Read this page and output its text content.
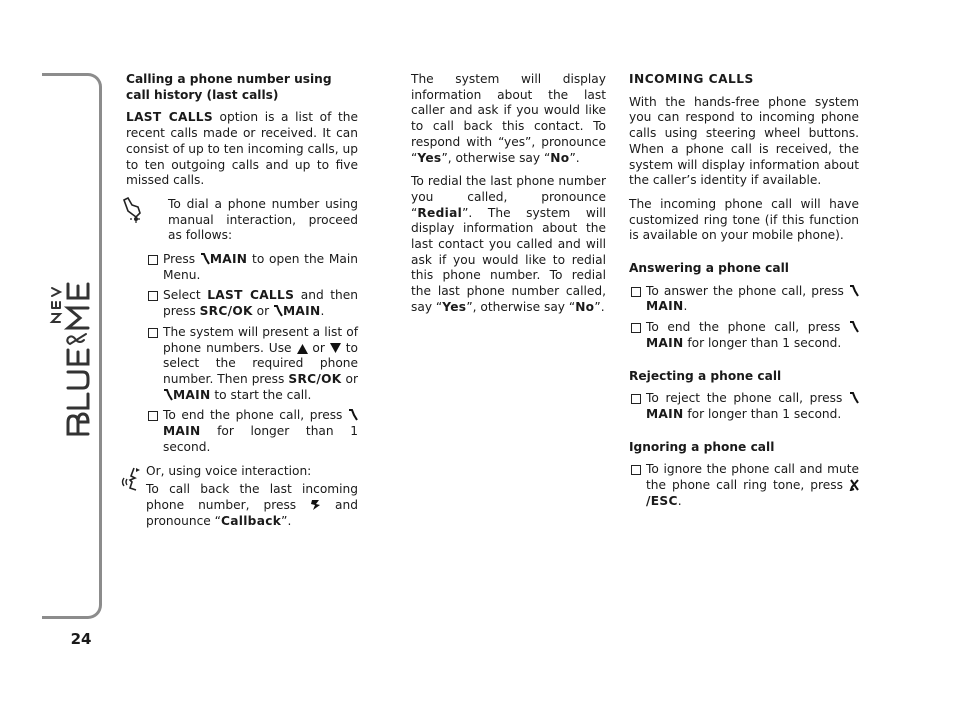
24
Calling a phone number using
call history (last calls)

LAST CALLS option is a list of the recent calls made or received. It can consist of up to ten incoming calls, up to ten outgoing calls and up to five missed calls.

To dial a phone number using manual interaction, proceed as follows:

Press MAIN to open the Main Menu.
Select LAST CALLS and then press SRC/OK or MAIN.
The system will present a list of phone numbers. Use  or  to select the required phone number. Then press SRC/OK or MAIN to start the call.
To end the phone call, press MAIN for longer than 1 second.

Or, using voice interaction:

To call back the last incoming phone number, press  and pronounce “Callback”.

The system will display information about the last caller and ask if you would like to call back this contact. To respond with “yes”, pronounce “Yes”, otherwise say “No”.

To redial the last phone number you called, pronounce “Redial”. The system will display information about the last contact you called and will ask if you would like to redial this phone number. To redial the last phone number called, say “Yes”, otherwise say “No”.

INCOMING CALLS

With the hands-free phone system you can respond to incoming phone calls using steering wheel buttons. When a phone call is received, the system will display information about the caller’s identity if available.

The incoming phone call will have customized ring tone (if this function is available on your mobile phone).

Answering a phone call
To answer the phone call, press MAIN.
To end the phone call, press MAIN for longer than 1 second.
Rejecting a phone call
To reject the phone call, press MAIN for longer than 1 second.
Ignoring a phone call
To ignore the phone call and mute the phone call ring tone, press /ESC.
